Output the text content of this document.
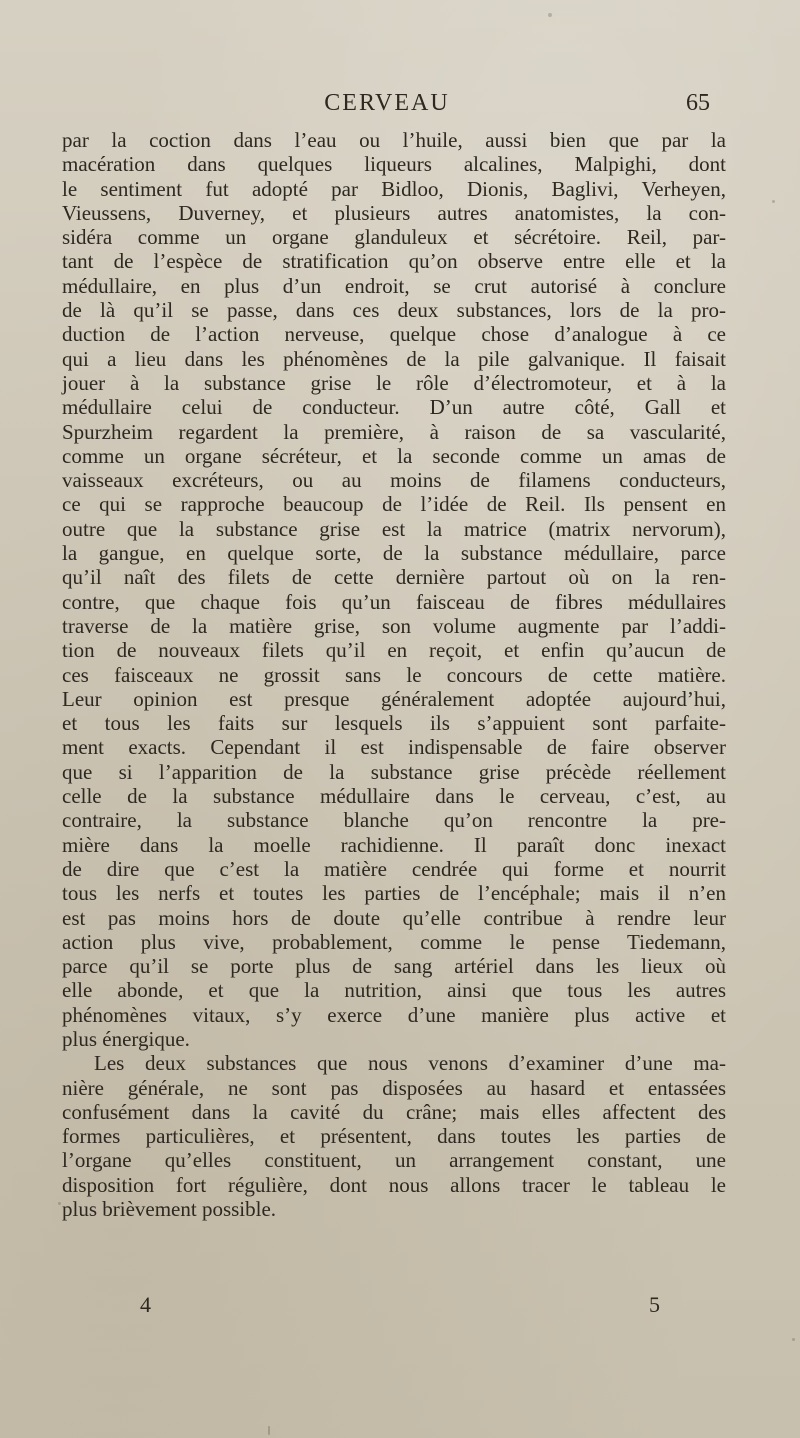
CERVEAU	65
par la coction dans l’eau ou l’huile, aussi bien que par la
macération dans quelques liqueurs alcalines, Malpighi, dont
le sentiment fut adopté par Bidloo, Dionis, Baglivi, Verheyen,
Vieussens, Duverney, et plusieurs autres anatomistes, la con-
sidéra comme un organe glanduleux et sécrétoire. Reil, par-
tant de l’espèce de stratification qu’on observe entre elle et la
médullaire, en plus d’un endroit, se crut autorisé à conclure
de là qu’il se passe, dans ces deux substances, lors de la pro-
duction de l’action nerveuse, quelque chose d’analogue à ce
qui a lieu dans les phénomènes de la pile galvanique. Il faisait
jouer à la substance grise le rôle d’électromoteur, et à la
médullaire celui de conducteur. D’un autre côté, Gall et
Spurzheim regardent la première, à raison de sa vascularité,
comme un organe sécréteur, et la seconde comme un amas de
vaisseaux excréteurs, ou au moins de filamens conducteurs,
ce qui se rapproche beaucoup de l’idée de Reil. Ils pensent en
outre que la substance grise est la matrice (matrix nervorum),
la gangue, en quelque sorte, de la substance médullaire, parce
qu’il naît des filets de cette dernière partout où on la ren-
contre, que chaque fois qu’un faisceau de fibres médullaires
traverse de la matière grise, son volume augmente par l’addi-
tion de nouveaux filets qu’il en reçoit, et enfin qu’aucun de
ces faisceaux ne grossit sans le concours de cette matière.
Leur opinion est presque généralement adoptée aujourd’hui,
et tous les faits sur lesquels ils s’appuient sont parfaite-
ment exacts. Cependant il est indispensable de faire observer
que si l’apparition de la substance grise précède réellement
celle de la substance médullaire dans le cerveau, c’est, au
contraire, la substance blanche qu’on rencontre la pre-
mière dans la moelle rachidienne. Il paraît donc inexact
de dire que c’est la matière cendrée qui forme et nourrit
tous les nerfs et toutes les parties de l’encéphale; mais il n’en
est pas moins hors de doute qu’elle contribue à rendre leur
action plus vive, probablement, comme le pense Tiedemann,
parce qu’il se porte plus de sang artériel dans les lieux où
elle abonde, et que la nutrition, ainsi que tous les autres
phénomènes vitaux, s’y exerce d’une manière plus active et
plus énergique.
Les deux substances que nous venons d’examiner d’une ma-
nière générale, ne sont pas disposées au hasard et entassées
confusément dans la cavité du crâne; mais elles affectent des
formes particulières, et présentent, dans toutes les parties de
l’organe qu’elles constituent, un arrangement constant, une
disposition fort régulière, dont nous allons tracer le tableau le
plus brièvement possible.
4	5
